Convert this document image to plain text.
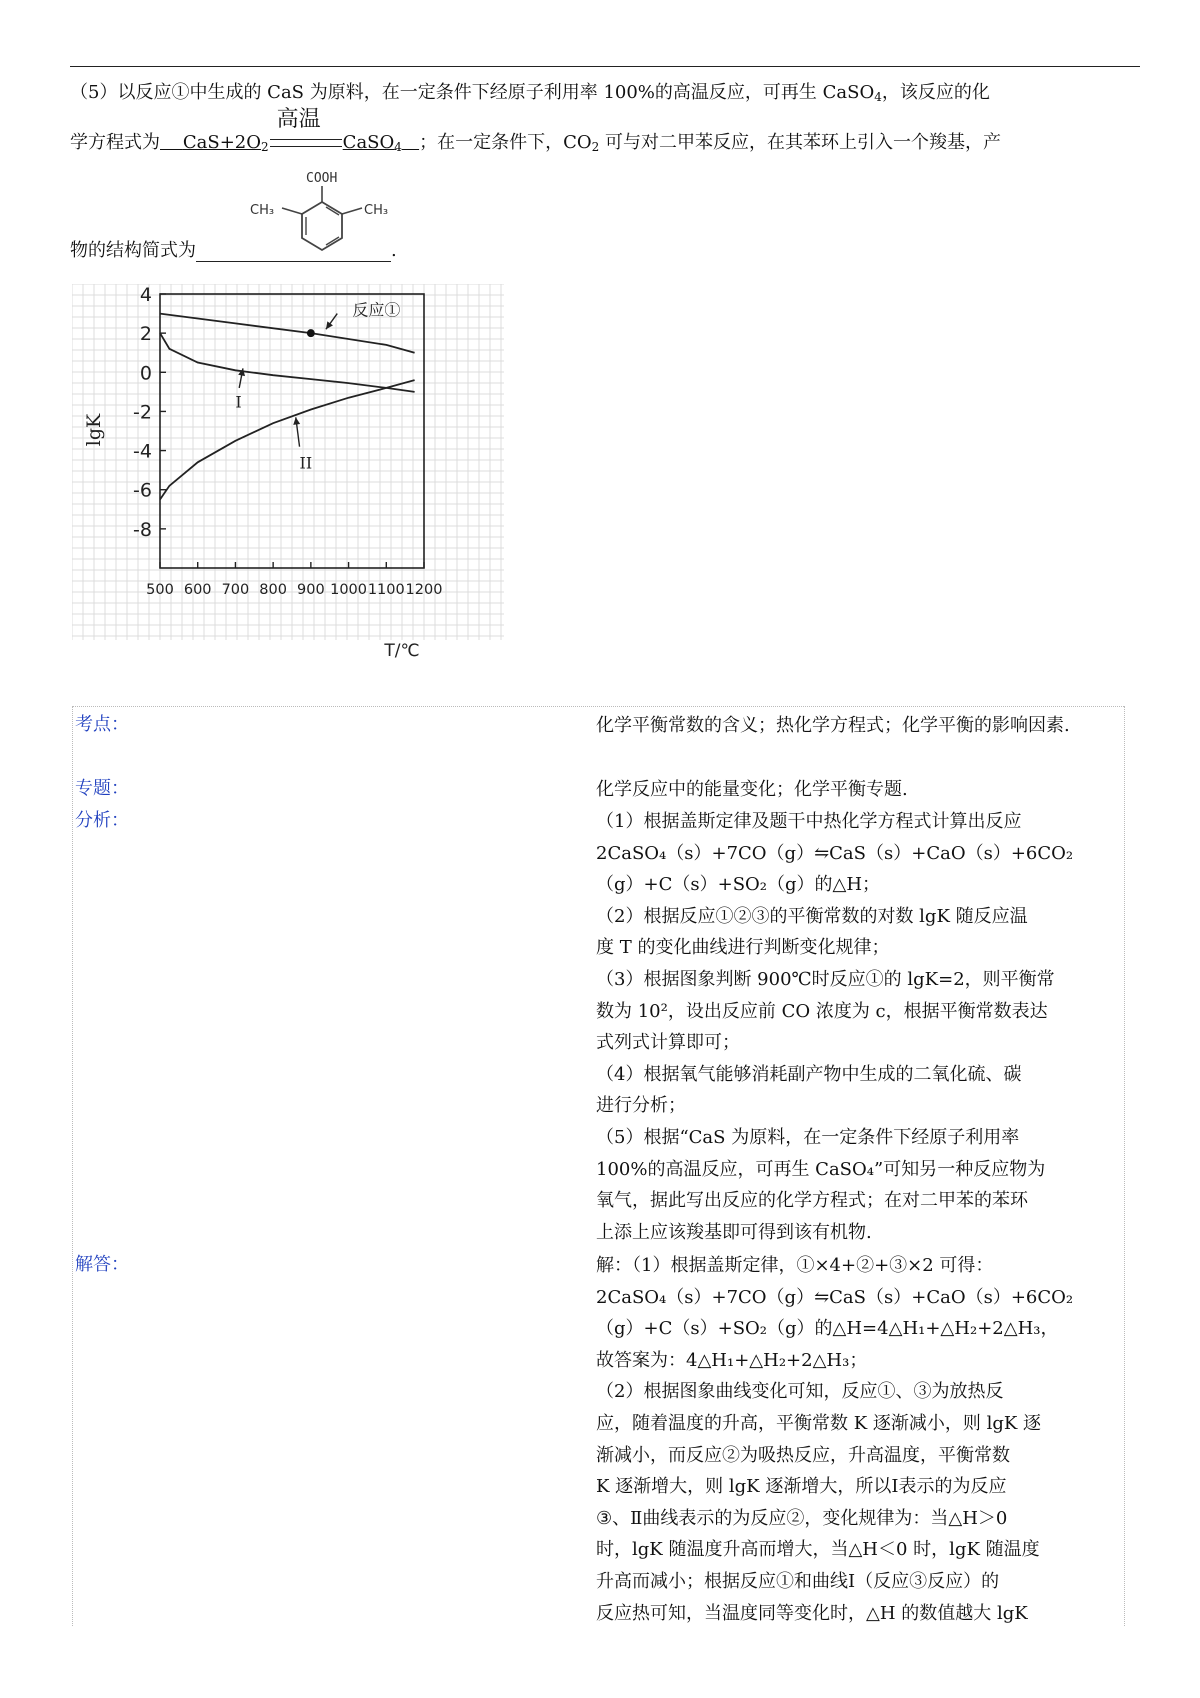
（5）以反应①中生成的 CaS 为原料，在一定条件下经原子利用率 100%的高温反应，可再生 CaSO$_4$，该反应的化
学方程式为 $CaS+2O_2$
高温
CaSO$_4$ ；在一定条件下，$CO_2$ 可与对二甲苯反应，在其苯环上引入一个羧基，产
COOH
CH₃	CH₃
物的结构简式为	.
4
2
0
-2
-4
-6
-8
500 600 700 800 900 1000 1100 1200
T/℃
lgK
反应①
I
II
考点：	化学平衡常数的含义；热化学方程式；化学平衡的影响因素.
专题：	化学反应中的能量变化；化学平衡专题.
分析：	（1）根据盖斯定律及题干中热化学方程式计算出反应

2CaSO₄（s）+7CO（g）⇋CaS（s）+CaO（s）+6CO₂

（g）+C（s）+SO₂（g）的△H；

（2）根据反应①②③的平衡常数的对数 lgK 随反应温

度 T 的变化曲线进行判断变化规律；

（3）根据图象判断 900℃时反应①的 lgK=2，则平衡常

数为 10²，设出反应前 CO 浓度为 c，根据平衡常数表达

式列式计算即可；

（4）根据氧气能够消耗副产物中生成的二氧化硫、碳

进行分析；

（5）根据“CaS 为原料，在一定条件下经原子利用率

100%的高温反应，可再生 CaSO₄”可知另一种反应物为

氧气，据此写出反应的化学方程式；在对二甲苯的苯环

上添上应该羧基即可得到该有机物.

解答：	解：（1）根据盖斯定律，①×4+②+③×2 可得：

2CaSO₄（s）+7CO（g）⇋CaS（s）+CaO（s）+6CO₂

（g）+C（s）+SO₂（g）的△H=4△H₁+△H₂+2△H₃，

故答案为：4△H₁+△H₂+2△H₃；

（2）根据图象曲线变化可知，反应①、③为放热反

应，随着温度的升高，平衡常数 K 逐渐减小，则 lgK 逐

渐减小，而反应②为吸热反应，升高温度，平衡常数

K 逐渐增大，则 lgK 逐渐增大，所以Ⅰ表示的为反应

③、Ⅱ曲线表示的为反应②，变化规律为：当△H＞0

时，lgK 随温度升高而增大，当△H＜0 时，lgK 随温度

升高而减小；根据反应①和曲线Ⅰ（反应③反应）的

反应热可知，当温度同等变化时，△H 的数值越大 lgK
